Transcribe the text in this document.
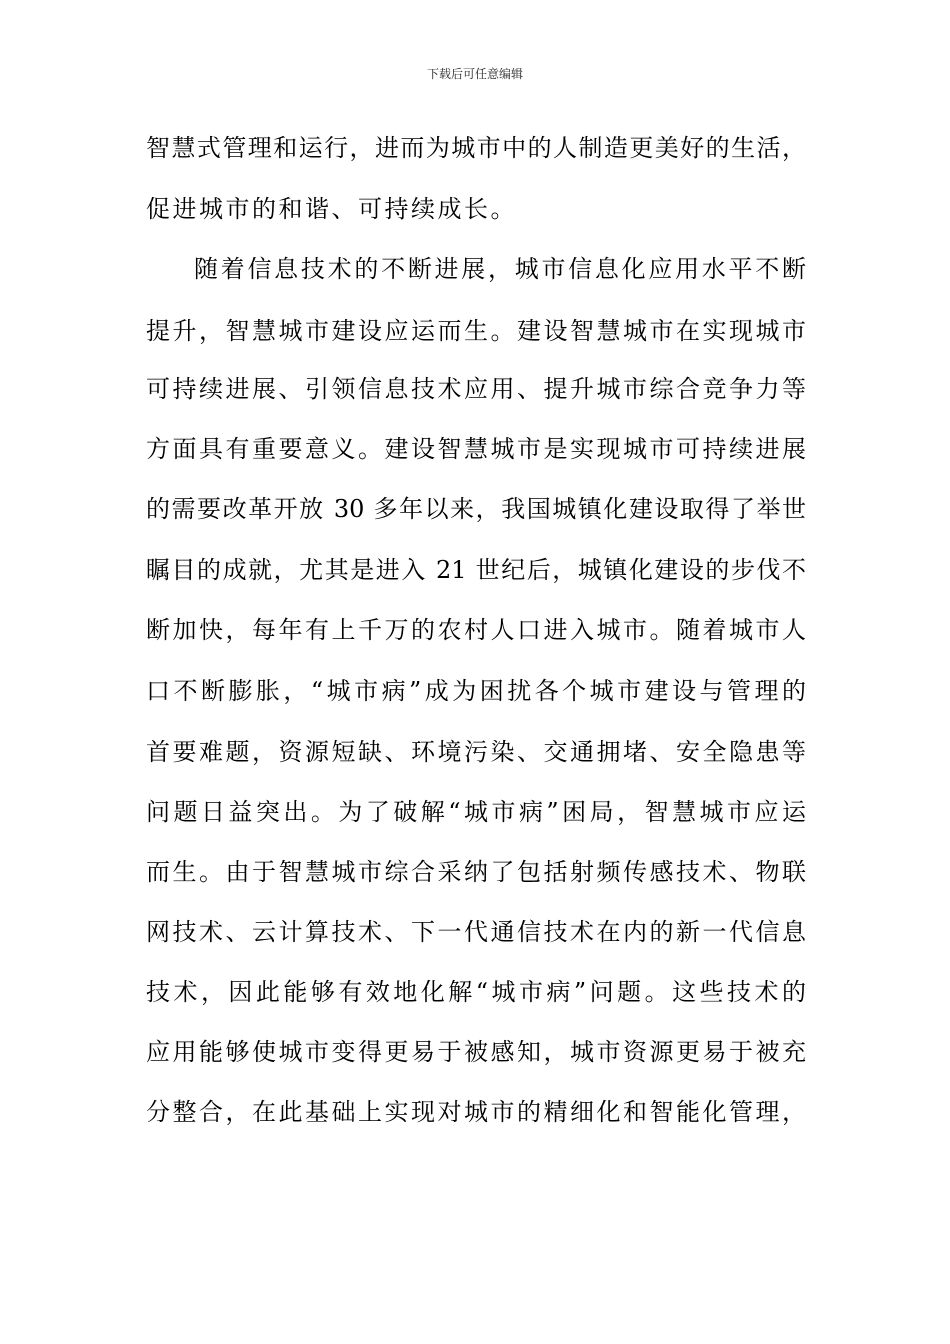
下载后可任意编辑
智慧式管理和运行，进而为城市中的人制造更美好的生活，
促进城市的和谐、可持续成长。
随着信息技术的不断进展，城市信息化应用水平不断
提升，智慧城市建设应运而生。建设智慧城市在实现城市
可持续进展、引领信息技术应用、提升城市综合竞争力等
方面具有重要意义。建设智慧城市是实现城市可持续进展
的需要改革开放 30 多年以来，我国城镇化建设取得了举世
瞩目的成就，尤其是进入 21 世纪后，城镇化建设的步伐不
断加快，每年有上千万的农村人口进入城市。随着城市人
口不断膨胀，“城市病”成为困扰各个城市建设与管理的
首要难题，资源短缺、环境污染、交通拥堵、安全隐患等
问题日益突出。为了破解“城市病”困局，智慧城市应运
而生。由于智慧城市综合采纳了包括射频传感技术、物联
网技术、云计算技术、下一代通信技术在内的新一代信息
技术，因此能够有效地化解“城市病”问题。这些技术的
应用能够使城市变得更易于被感知，城市资源更易于被充
分整合，在此基础上实现对城市的精细化和智能化管理，
